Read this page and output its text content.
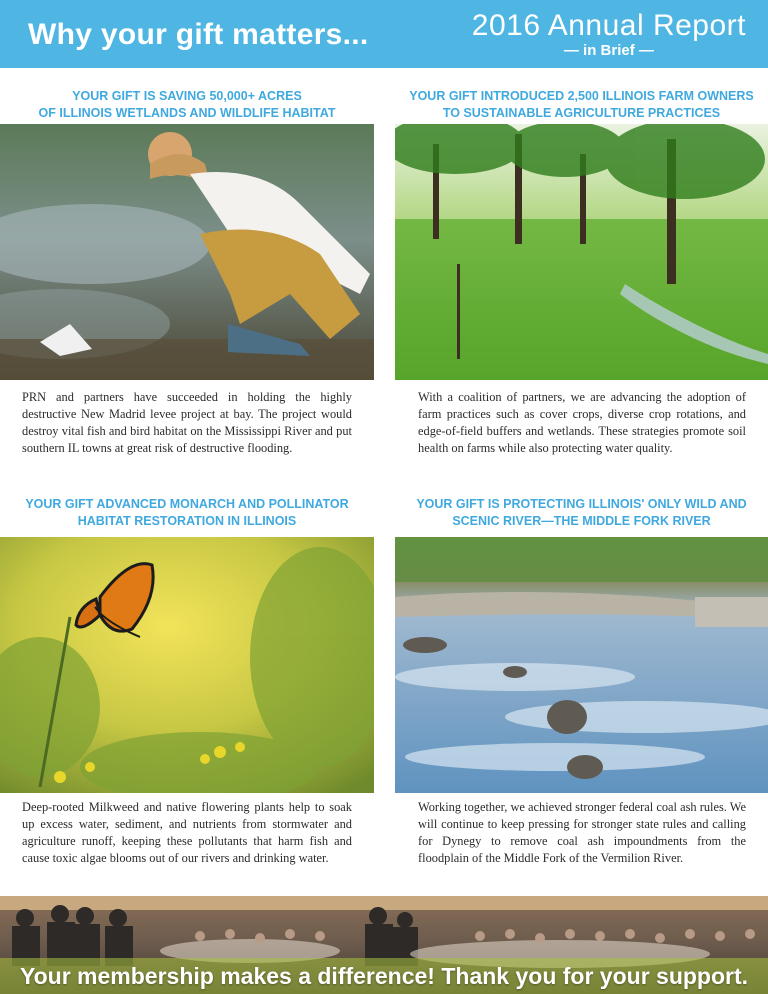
Why your gift matters...	2016 Annual Report
— in Brief —
YOUR GIFT IS SAVING 50,000+ ACRES
OF ILLINOIS WETLANDS AND WILDLIFE HABITAT
PRN and partners have succeeded in holding the highly destructive New Madrid levee project at bay. The project would destroy vital fish and bird habitat on the Mississippi River and put southern IL towns at great risk of destructive flooding.
YOUR GIFT INTRODUCED 2,500 ILLINOIS FARM OWNERS
TO SUSTAINABLE AGRICULTURE PRACTICES
With a coalition of partners, we are advancing the adoption of farm practices such as cover crops, diverse crop rotations, and edge-of-field buffers and wetlands. These strategies promote soil health on farms while also protecting water quality.
YOUR GIFT ADVANCED MONARCH AND POLLINATOR
HABITAT RESTORATION IN ILLINOIS
Deep-rooted Milkweed and native flowering plants help to soak up excess water, sediment, and nutrients from stormwater and agriculture runoff, keeping these pollutants that harm fish and cause toxic algae blooms out of our rivers and drinking water.
YOUR GIFT IS PROTECTING ILLINOIS' ONLY WILD AND
SCENIC RIVER—THE MIDDLE FORK RIVER
Working together, we achieved stronger federal coal ash rules. We will continue to keep pressing for stronger state rules and calling for Dynegy to remove coal ash impoundments from the floodplain of the Middle Fork of the Vermilion River.
Your membership makes a difference! Thank you for your support.
